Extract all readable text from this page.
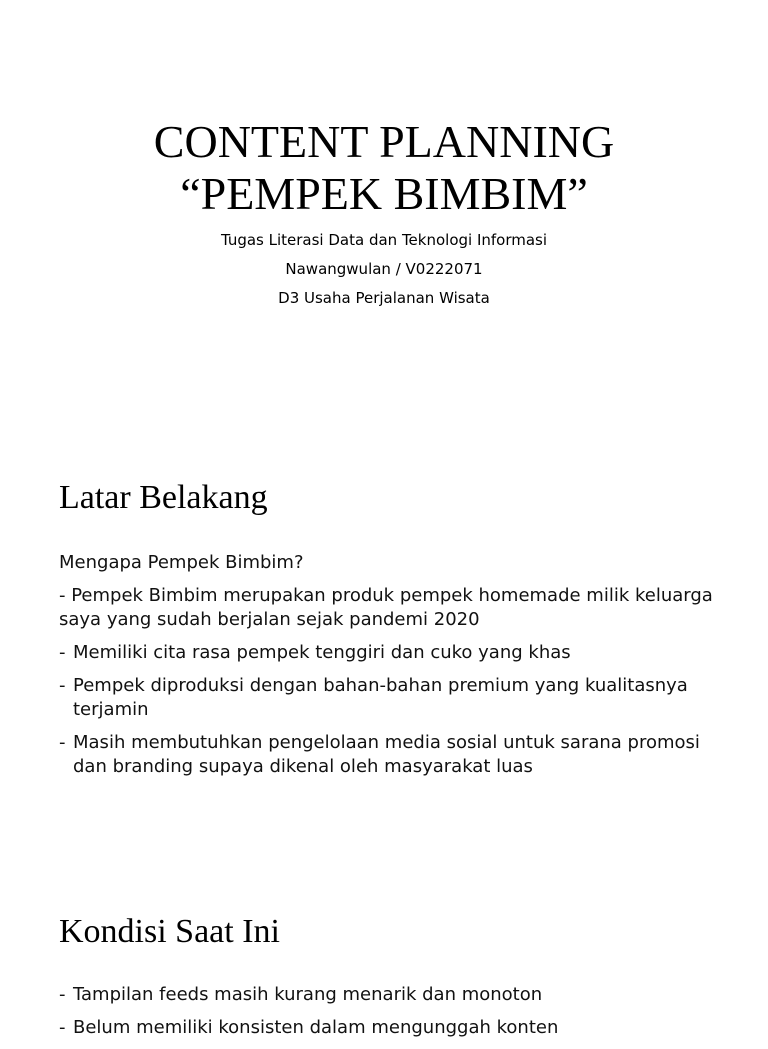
CONTENT PLANNING
“PEMPEK BIMBIM”
Tugas Literasi Data dan Teknologi Informasi
Nawangwulan / V0222071
D3 Usaha Perjalanan Wisata
Latar Belakang

Mengapa Pempek Bimbim?

- Pempek Bimbim merupakan produk pempek homemade milik keluarga saya yang sudah berjalan sejak pandemi 2020

- Memiliki cita rasa pempek tenggiri dan cuko yang khas
- Pempek diproduksi dengan bahan-bahan premium yang kualitasnya terjamin
- Masih membutuhkan pengelolaan media sosial untuk sarana promosi dan branding supaya dikenal oleh masyarakat luas
Kondisi Saat Ini
- Tampilan feeds masih kurang menarik dan monoton
- Belum memiliki konsisten dalam mengunggah konten
